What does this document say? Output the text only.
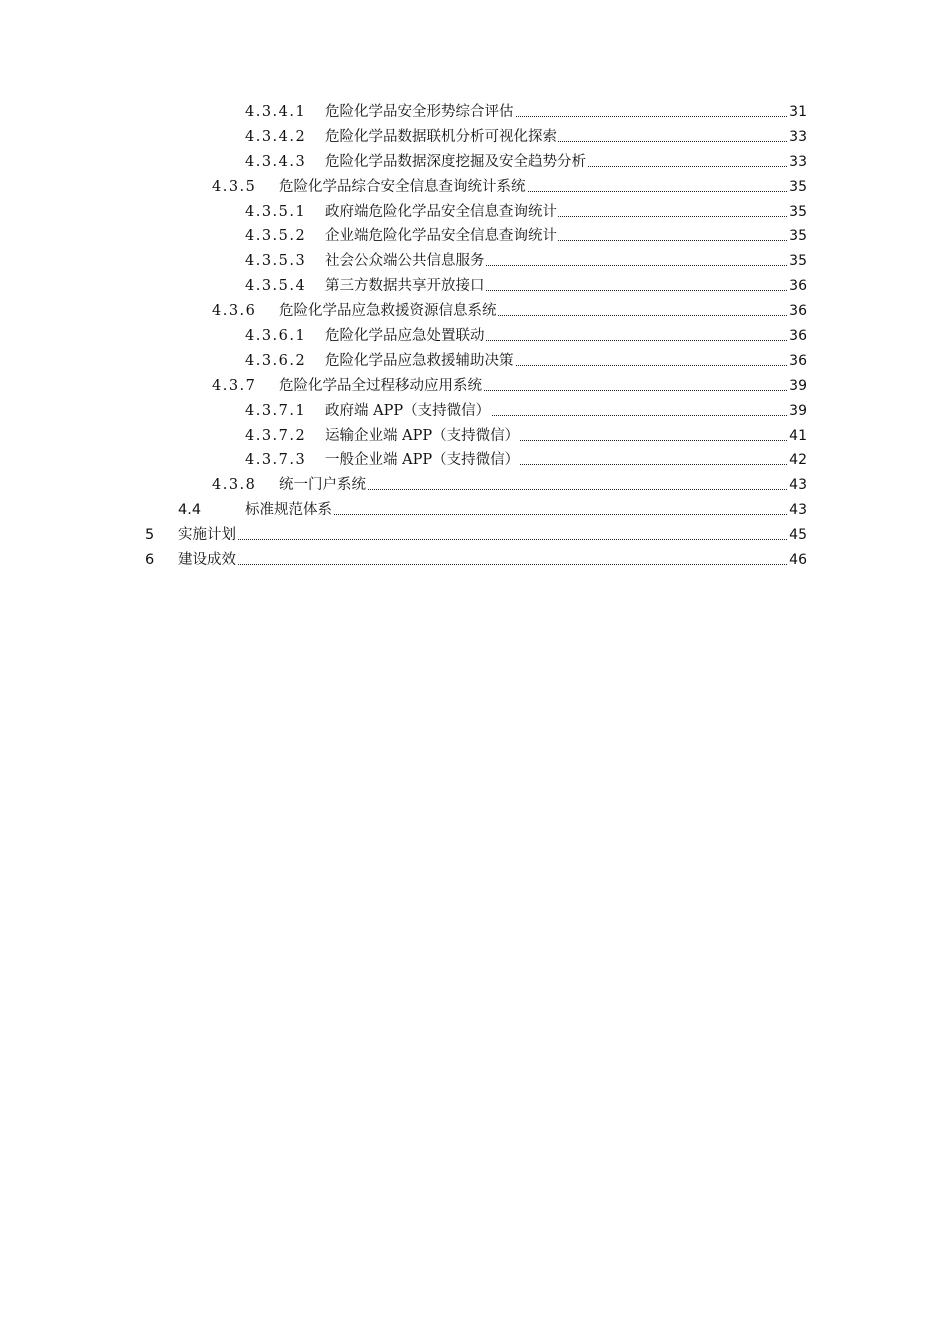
4.3.4.1 危险化学品安全形势综合评估	31
4.3.4.2 危险化学品数据联机分析可视化探索	33
4.3.4.3 危险化学品数据深度挖掘及安全趋势分析	33
4.3.5 危险化学品综合安全信息查询统计系统	35
4.3.5.1 政府端危险化学品安全信息查询统计	35
4.3.5.2 企业端危险化学品安全信息查询统计	35
4.3.5.3 社会公众端公共信息服务	35
4.3.5.4 第三方数据共享开放接口	36
4.3.6 危险化学品应急救援资源信息系统	36
4.3.6.1 危险化学品应急处置联动	36
4.3.6.2 危险化学品应急救援辅助决策	36
4.3.7 危险化学品全过程移动应用系统	39
4.3.7.1 政府端 APP（支持微信）	39
4.3.7.2 运输企业端 APP（支持微信）	41
4.3.7.3 一般企业端 APP（支持微信）	42
4.3.8 统一门户系统	43
4.4	标准规范体系	43
5 实施计划	45
6 建设成效	46
